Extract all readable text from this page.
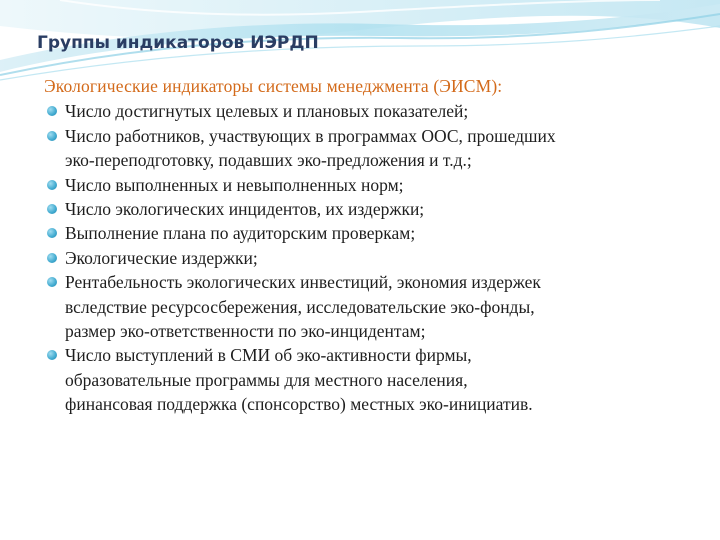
Группы индикаторов ИЭРДП
Экологические индикаторы системы менеджмента (ЭИСМ):
Число достигнутых целевых и плановых показателей;
Число работников, участвующих в программах ООС, прошедших
эко-переподготовку, подавших эко-предложения и т.д.;
Число выполненных и невыполненных норм;
Число экологических инцидентов, их издержки;
Выполнение плана по аудиторским проверкам;
Экологические издержки;
Рентабельность экологических инвестиций, экономия издержек
вследствие ресурсосбережения, исследовательские эко-фонды,
размер эко-ответственности по эко-инцидентам;
Число выступлений в СМИ об эко-активности фирмы,
образовательные программы для местного населения,
финансовая поддержка (спонсорство) местных эко-инициатив.
